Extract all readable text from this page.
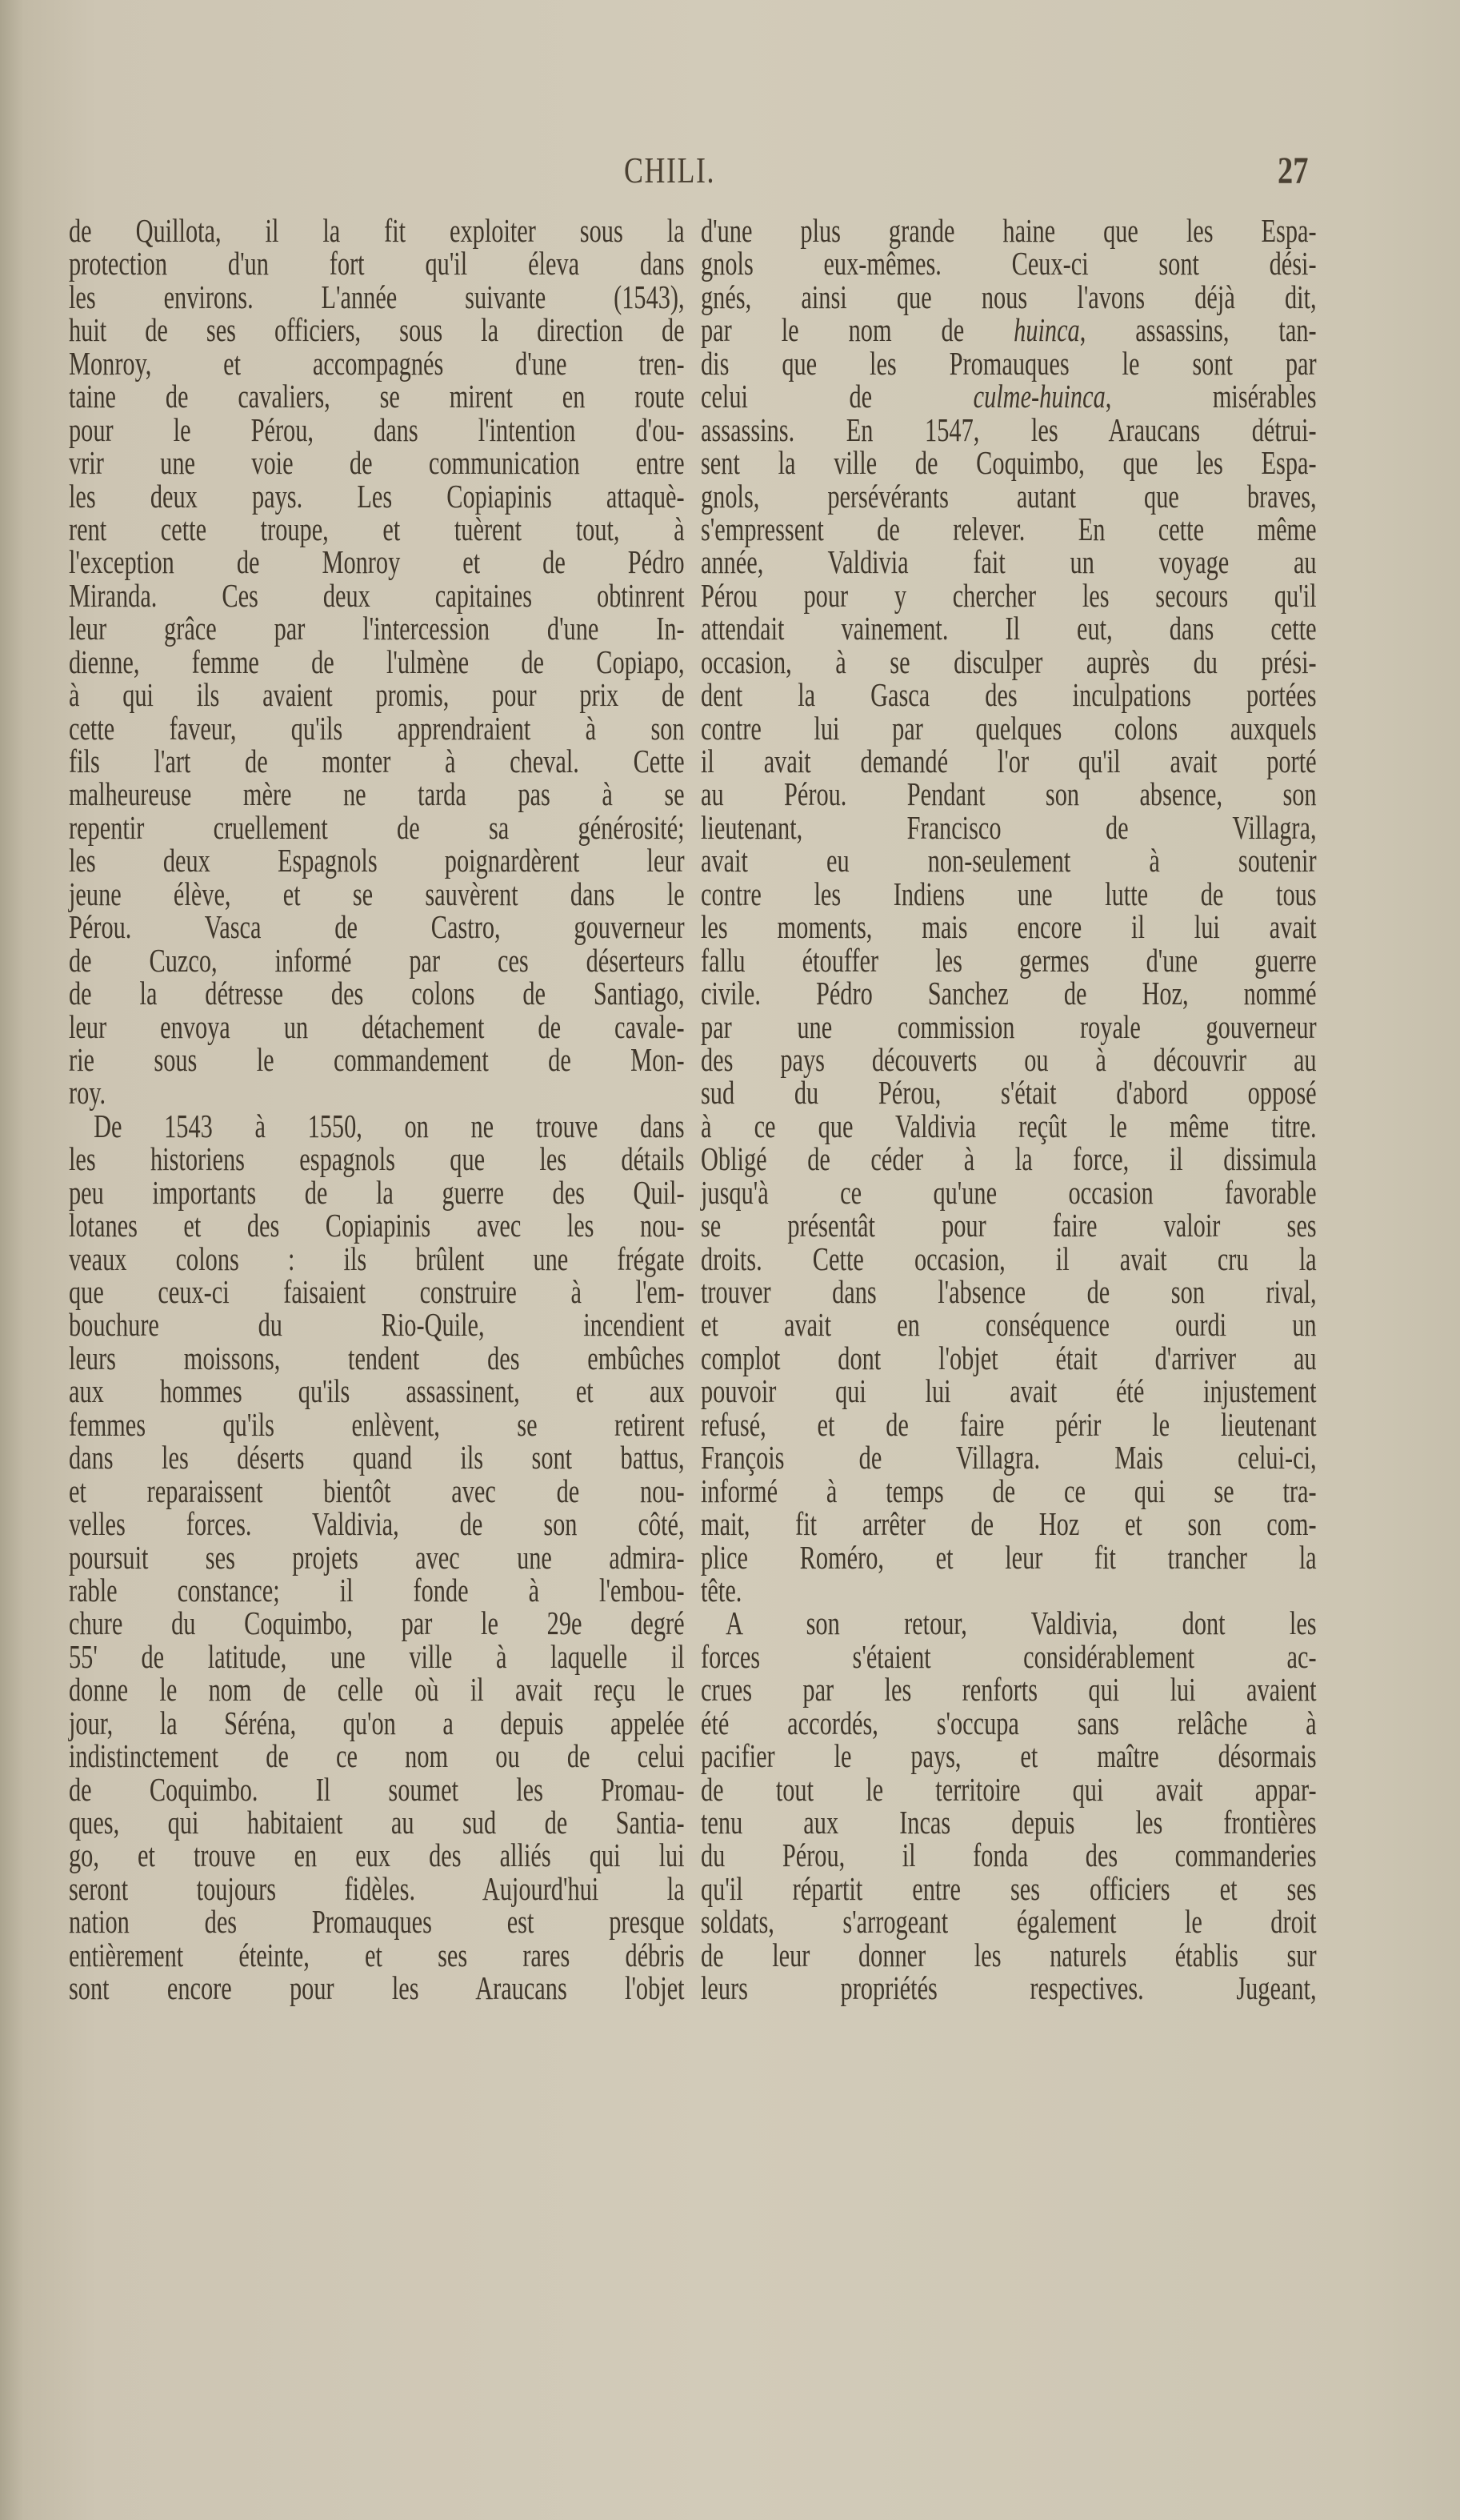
CHILI.	27
de Quillota, il la fit exploiter sous la
protection d'un fort qu'il éleva dans
les environs. L'année suivante (1543),
huit de ses officiers, sous la direction de
Monroy, et accompagnés d'une tren-
taine de cavaliers, se mirent en route
pour le Pérou, dans l'intention d'ou-
vrir une voie de communication entre
les deux pays. Les Copiapinis attaquè-
rent cette troupe, et tuèrent tout, à
l'exception de Monroy et de Pédro
Miranda. Ces deux capitaines obtinrent
leur grâce par l'intercession d'une In-
dienne, femme de l'ulmène de Copiapo,
à qui ils avaient promis, pour prix de
cette faveur, qu'ils apprendraient à son
fils l'art de monter à cheval. Cette
malheureuse mère ne tarda pas à se
repentir cruellement de sa générosité;
les deux Espagnols poignardèrent leur
jeune élève, et se sauvèrent dans le
Pérou. Vasca de Castro, gouverneur
de Cuzco, informé par ces déserteurs
de la détresse des colons de Santiago,
leur envoya un détachement de cavale-
rie sous le commandement de Mon-
roy.
De 1543 à 1550, on ne trouve dans
les historiens espagnols que les détails
peu importants de la guerre des Quil-
lotanes et des Copiapinis avec les nou-
veaux colons : ils brûlent une frégate
que ceux-ci faisaient construire à l'em-
bouchure du Rio-Quile, incendient
leurs moissons, tendent des embûches
aux hommes qu'ils assassinent, et aux
femmes qu'ils enlèvent, se retirent
dans les déserts quand ils sont battus,
et reparaissent bientôt avec de nou-
velles forces. Valdivia, de son côté,
poursuit ses projets avec une admira-
rable constance; il fonde à l'embou-
chure du Coquimbo, par le 29e degré
55' de latitude, une ville à laquelle il
donne le nom de celle où il avait reçu le
jour, la Séréna, qu'on a depuis appelée
indistinctement de ce nom ou de celui
de Coquimbo. Il soumet les Promau-
ques, qui habitaient au sud de Santia-
go, et trouve en eux des alliés qui lui
seront toujours fidèles. Aujourd'hui la
nation des Promauques est presque
entièrement éteinte, et ses rares débris
sont encore pour les Araucans l'objet
d'une plus grande haine que les Espa-
gnols eux-mêmes. Ceux-ci sont dési-
gnés, ainsi que nous l'avons déjà dit,
par le nom de huinca, assassins, tan-
dis que les Promauques le sont par
celui de culme-huinca, misérables
assassins. En 1547, les Araucans détrui-
sent la ville de Coquimbo, que les Espa-
gnols, persévérants autant que braves,
s'empressent de relever. En cette même
année, Valdivia fait un voyage au
Pérou pour y chercher les secours qu'il
attendait vainement. Il eut, dans cette
occasion, à se disculper auprès du prési-
dent la Gasca des inculpations portées
contre lui par quelques colons auxquels
il avait demandé l'or qu'il avait porté
au Pérou. Pendant son absence, son
lieutenant, Francisco de Villagra,
avait eu non-seulement à soutenir
contre les Indiens une lutte de tous
les moments, mais encore il lui avait
fallu étouffer les germes d'une guerre
civile. Pédro Sanchez de Hoz, nommé
par une commission royale gouverneur
des pays découverts ou à découvrir au
sud du Pérou, s'était d'abord opposé
à ce que Valdivia reçût le même titre.
Obligé de céder à la force, il dissimula
jusqu'à ce qu'une occasion favorable
se présentât pour faire valoir ses
droits. Cette occasion, il avait cru la
trouver dans l'absence de son rival,
et avait en conséquence ourdi un
complot dont l'objet était d'arriver au
pouvoir qui lui avait été injustement
refusé, et de faire périr le lieutenant
François de Villagra. Mais celui-ci,
informé à temps de ce qui se tra-
mait, fit arrêter de Hoz et son com-
plice Roméro, et leur fit trancher la
tête.
A son retour, Valdivia, dont les
forces s'étaient considérablement ac-
crues par les renforts qui lui avaient
été accordés, s'occupa sans relâche à
pacifier le pays, et maître désormais
de tout le territoire qui avait appar-
tenu aux Incas depuis les frontières
du Pérou, il fonda des commanderies
qu'il répartit entre ses officiers et ses
soldats, s'arrogeant également le droit
de leur donner les naturels établis sur
leurs propriétés respectives. Jugeant,
